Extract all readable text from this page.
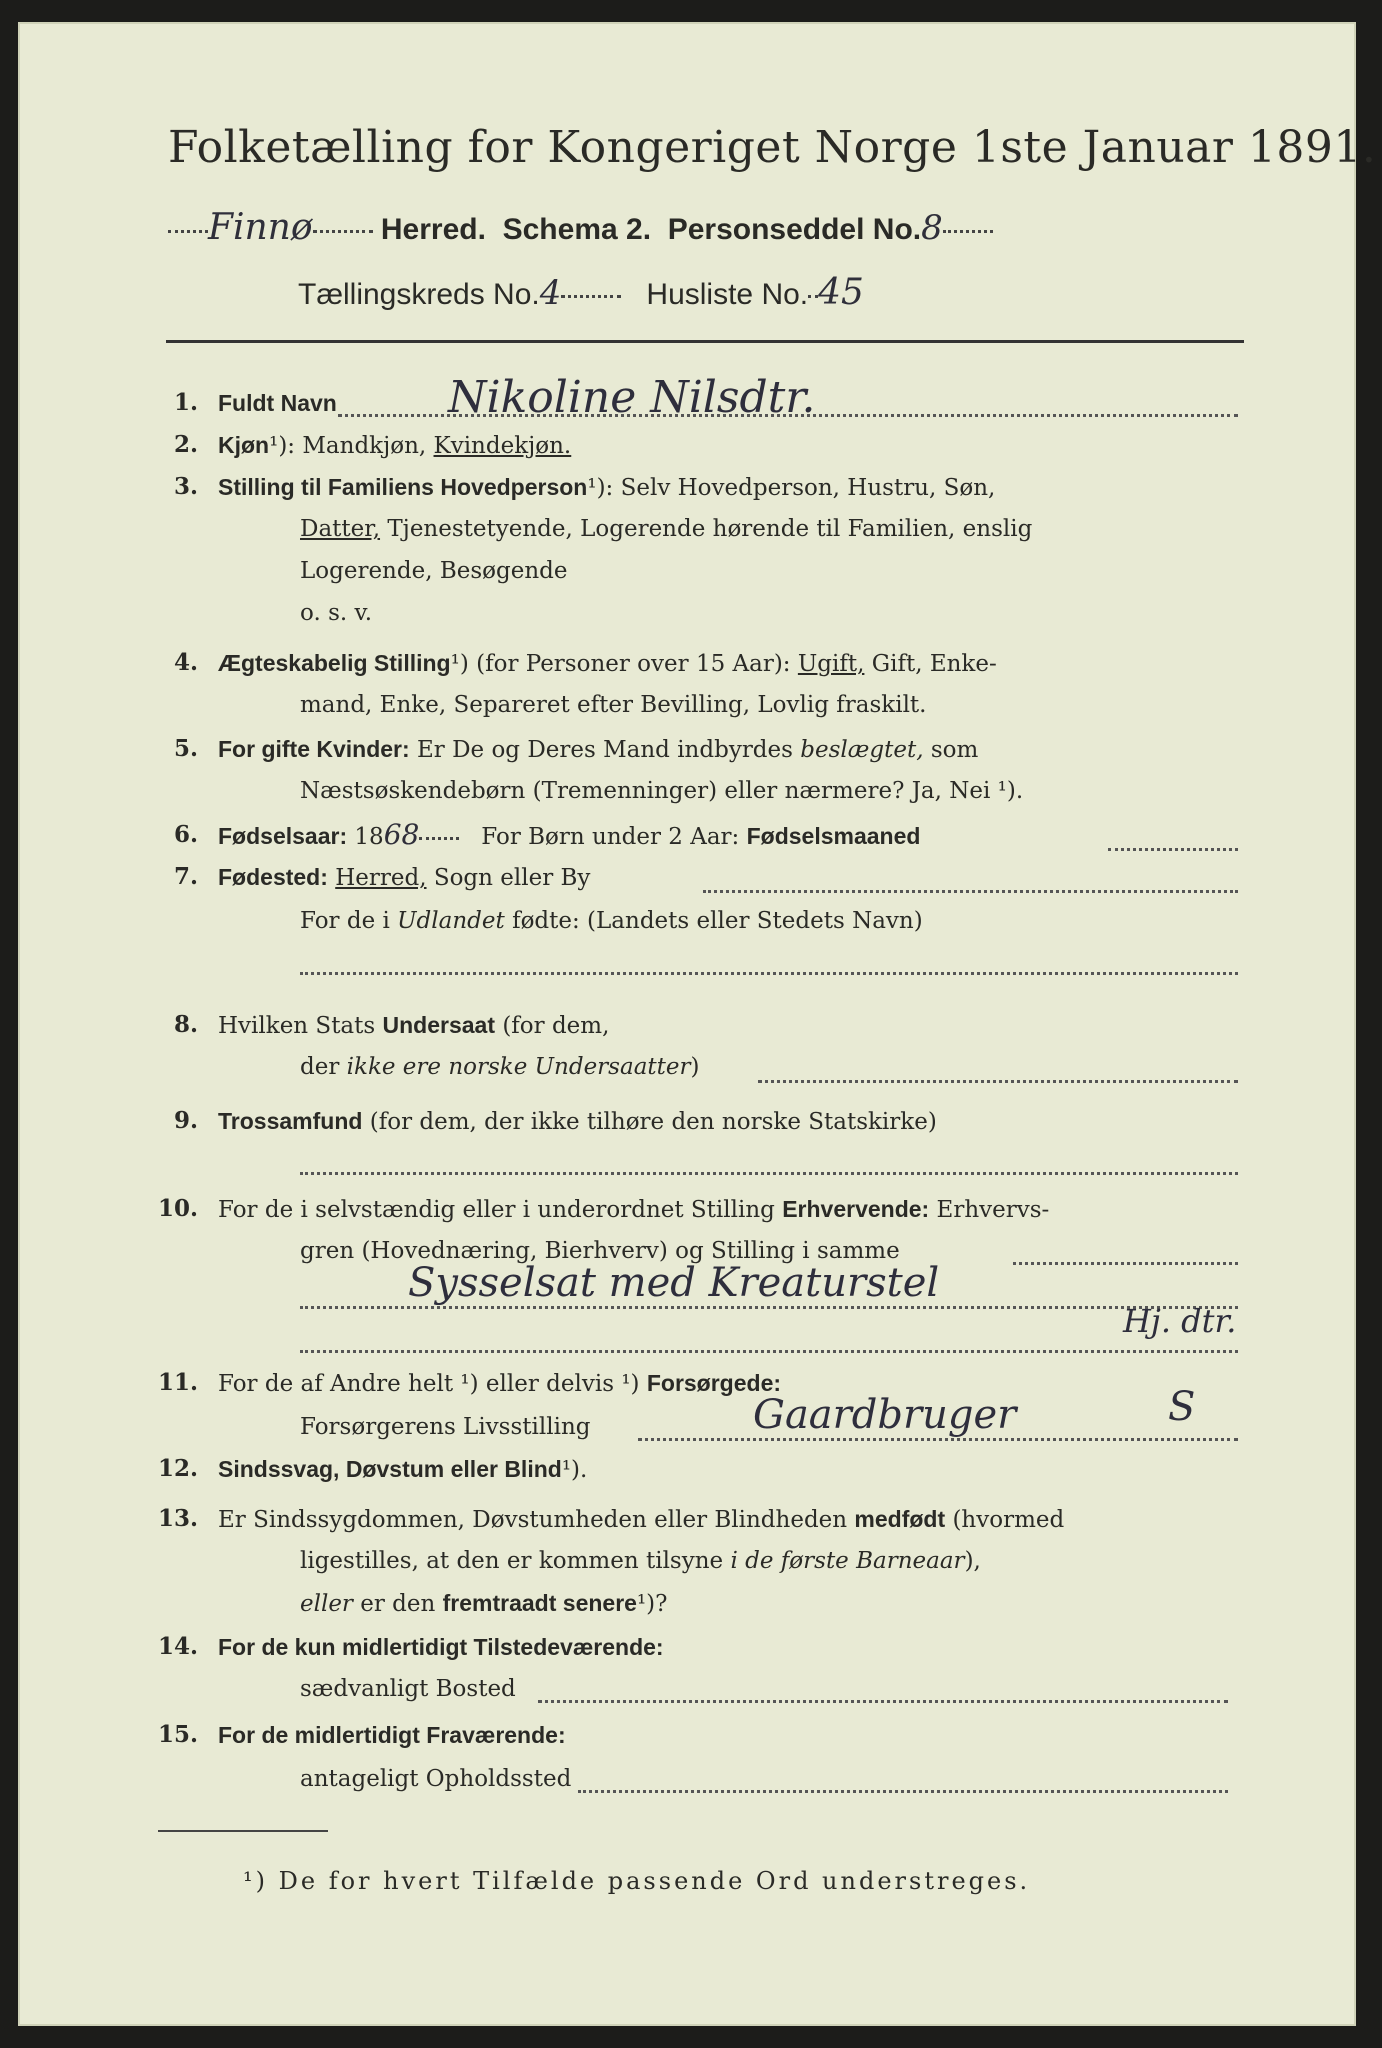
Folketælling for Kongeriget Norge 1ste Januar 1891.
Finnø Herred. Schema 2. Personseddel No.8
Tællingskreds No.4	Husliste No. 45
1. Fuldt Navn	Nikoline Nilsdtr.
2. Kjøn¹): Mandkjøn, Kvindekjøn.
3. Stilling til Familiens Hovedperson¹): Selv Hovedperson, Hustru, Søn,
Datter, Tjenestetyende, Logerende hørende til Familien, enslig
Logerende, Besøgende
o. s. v.
4. Ægteskabelig Stilling¹) (for Personer over 15 Aar): Ugift, Gift, Enke-
mand, Enke, Separeret efter Bevilling, Lovlig fraskilt.
5. For gifte Kvinder: Er De og Deres Mand indbyrdes beslægtet, som
Næstsøskendebørn (Tremenninger) eller nærmere? Ja, Nei ¹).
6. Fødselsaar: 1868	For Børn under 2 Aar: Fødselsmaaned
7. Fødested: Herred, Sogn eller By
For de i Udlandet fødte: (Landets eller Stedets Navn)
8. Hvilken Stats Undersaat (for dem,
der ikke ere norske Undersaatter)
9. Trossamfund (for dem, der ikke tilhøre den norske Statskirke)
10. For de i selvstændig eller i underordnet Stilling Erhvervende: Erhvervs-
gren (Hovednæring, Bierhverv) og Stilling i samme
Sysselsat med Kreaturstel
Hj. dtr.
11. For de af Andre helt ¹) eller delvis ¹) Forsørgede:
Forsørgerens Livsstilling	Gaardbruger	S
12. Sindssvag, Døvstum eller Blind¹).
13. Er Sindssygdommen, Døvstumheden eller Blindheden medfødt (hvormed
ligestilles, at den er kommen tilsyne i de første Barneaar),
eller er den fremtraadt senere¹)?
14. For de kun midlertidigt Tilstedeværende:
sædvanligt Bosted
15. For de midlertidigt Fraværende:
antageligt Opholdssted
¹) De for hvert Tilfælde passende Ord understreges.
